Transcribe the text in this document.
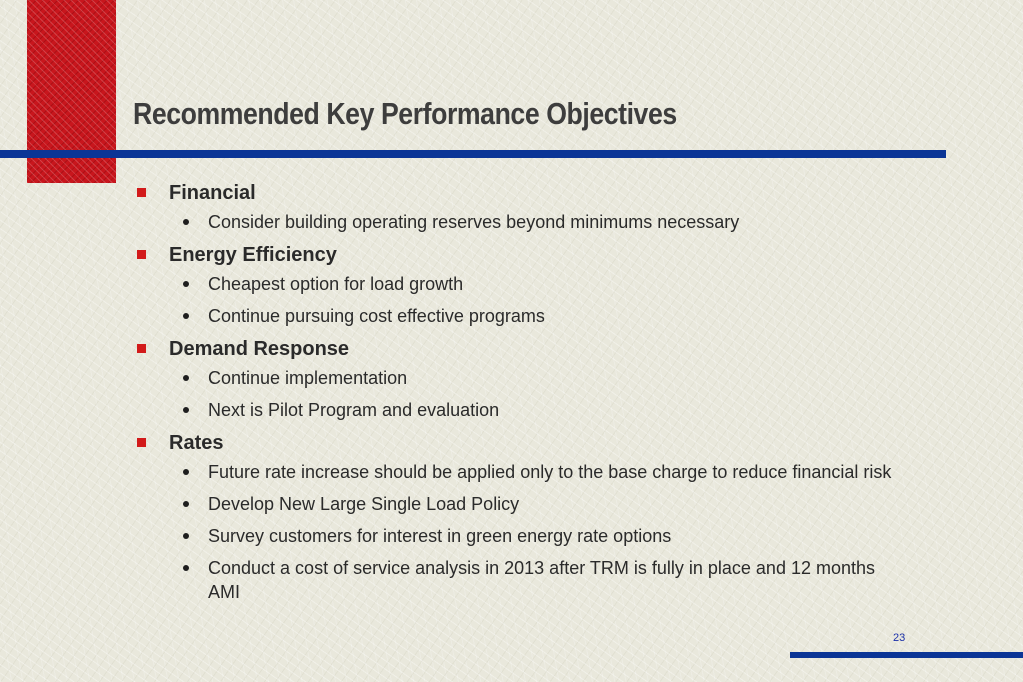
Recommended Key Performance Objectives
Financial
Consider building operating reserves beyond minimums necessary
Energy Efficiency
Cheapest option for load growth
Continue pursuing cost effective programs
Demand Response
Continue implementation
Next is Pilot Program and evaluation
Rates
Future rate increase should be applied only to the base charge to reduce financial risk
Develop New Large Single Load Policy
Survey customers for interest in green energy rate options
Conduct a cost of service analysis in 2013 after TRM is fully in place and 12 months AMI
23
